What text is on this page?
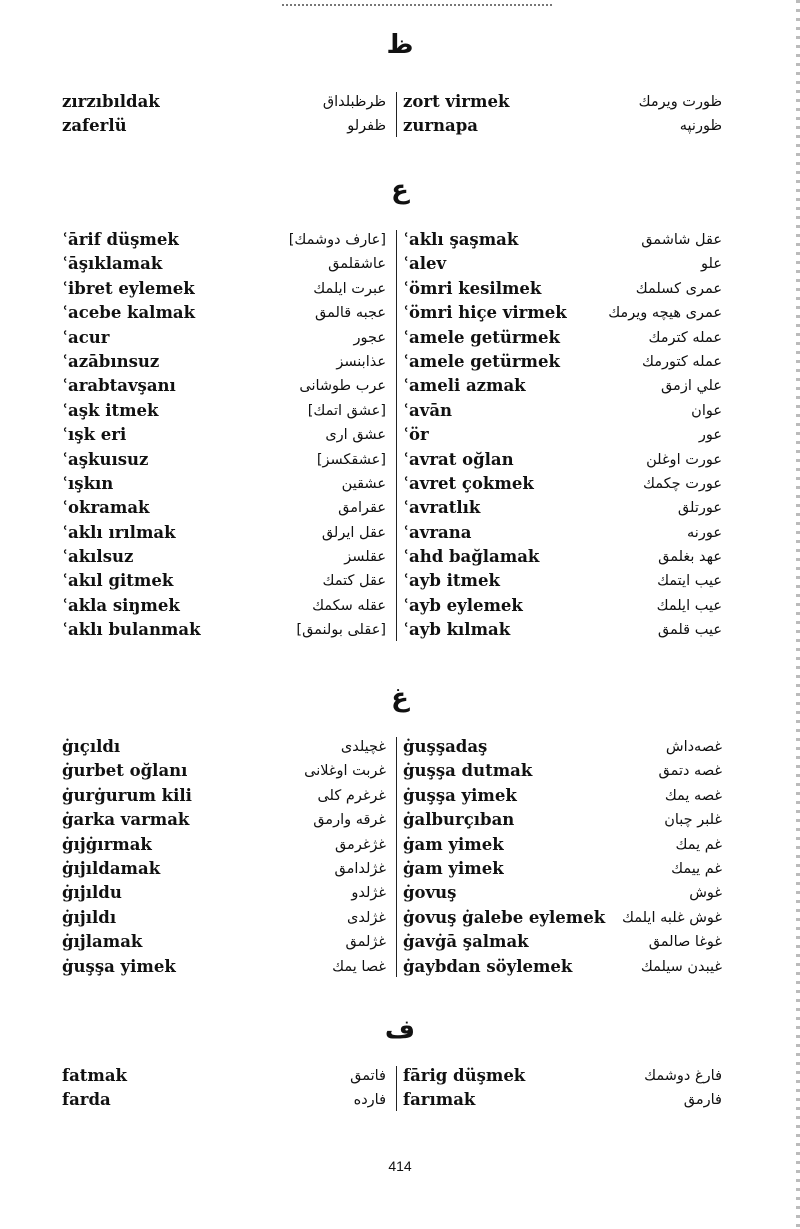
ظ
zırzıbıldak	ظرظبلداق zort virmek	ظورت ويرمك
zaferlü	ظفرلو zurnapa	ظورنپه
ع
ʿārif düşmek	[عارف دوشمك] ʿaklı şaşmak	عقل شاشمق
ʿāşıklamak	عاشقلمق ʿalev	علو
ʿibret eylemek	عبرت ايلمك ʿömri kesilmek	عمرى كسلمك
ʿacebe kalmak	عجبه قالمق ʿömri hiçe virmek	عمرى هيچه ويرمك
ʿacur	عجور ʿamele getürmek	عمله كترمك
ʿazābınsuz	عذابنسز ʿamele getürmek	عمله كتورمك
ʿarabtavşanı	عرب طوشانى ʿameli azmak	علي ازمق
ʿaşk itmek	[عشق اتمك] ʿavān	عوان
ʿışk eri	عشق ارى ʿör	عور
ʿaşkuısuz	[عشقكسز] ʿavrat oğlan	عورت اوغلن
ʿışkın	عشقين ʿavret çokmek	عورت چكمك
ʿokramak	عقرامق ʿavratlık	عورتلق
ʿaklı ırılmak	عقل ايرلق ʿavrana	عورنه
ʿakılsuz	عقلسز ʿahd bağlamak	عهد بغلمق
ʿakıl gitmek	عقل كتمك ʿayb itmek	عيب ايتمك
ʿakla siŋmek	عقله سكمك ʿayb eylemek	عيب ايلمك
ʿaklı bulanmak	[عقلى بولنمق] ʿayb kılmak	عيب قلمق
غ
ġıçıldı	غچيلدى ġuşşadaş	غصه‌داش
ġurbet oğlanı	غربت اوغلانى ġuşşa dutmak	غصه دتمق
ġurġurum kili	غرغرم كلى ġuşşa yimek	غصه يمك
ġarka varmak	غرقه وارمق ġalburçıban	غلبر چبان
ġıjġırmak	غژغرمق ġam yimek	غم يمك
ġıjıldamak	غژلدامق ġam yimek	غم ييمك
ġıjıldu	غژلدو ġovuş	غوش
ġıjıldı	غژلدى ġovuş ġalebe eylemek غوش غلبه ايلمك
ġıjlamak	غژلمق ġavġā şalmak	غوغا صالمق
ġuşşa yimek	غصا يمك ġaybdan söylemek	غيبدن سيلمك
ف
fatmak	فاتمق fārig düşmek	فارغ دوشمك
farda	فارده farımak	فارمق
414
